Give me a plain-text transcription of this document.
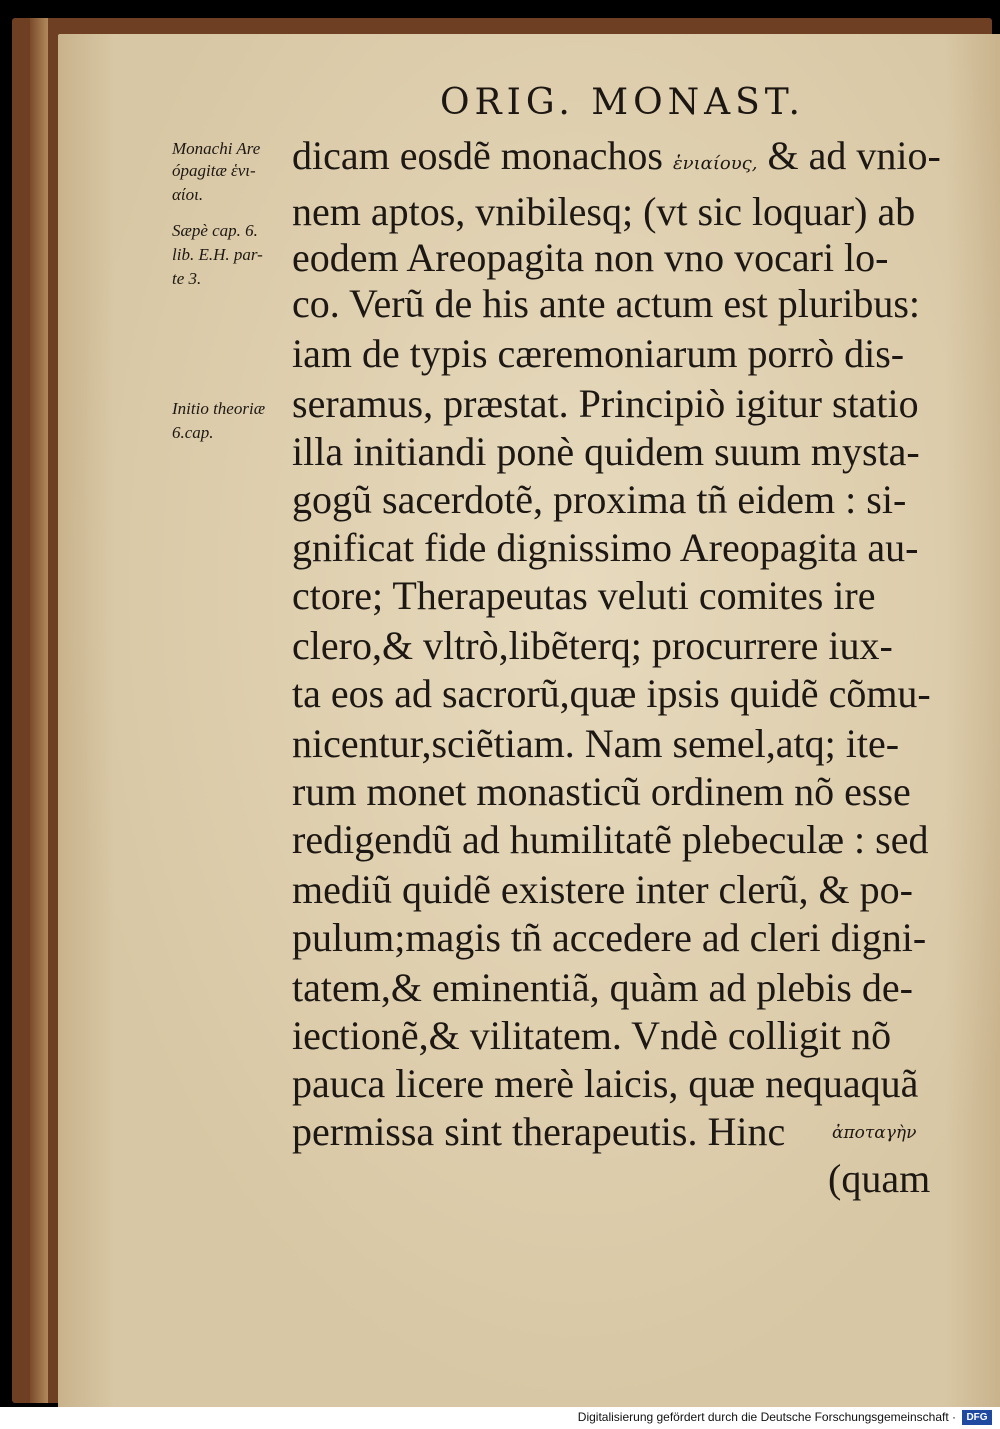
ORIG. MONAST.
Monachi Are
ópagitæ ἑνι-
αίοι.
Sæpè cap. 6.
lib. E.H. par-
te 3.
Initio theoriæ
6.cap.
dicam eosdẽ monachos ἑνιαίους, & ad vnio-
nem aptos, vnibilesq; (vt sic loquar) ab
eodem Areopagita non vno vocari lo-
co. Verũ de his ante actum est pluribus:
iam de typis cæremoniarum porrò dis-
seramus, præstat. Principiò igitur statio
illa initiandi ponè quidem suum mysta-
gogũ sacerdotẽ, proxima tñ eidem : si-
gnificat fide dignissimo Areopagita au-
ctore; Therapeutas veluti comites ire
clero,& vltrò,libẽterq; procurrere iux-
ta eos ad sacrorũ,quæ ipsis quidẽ cõmu-
nicentur,sciẽtiam. Nam semel,atq; ite-
rum monet monasticũ ordinem nõ esse
redigendũ ad humilitatẽ plebeculæ : sed
mediũ quidẽ existere inter clerũ, & po-
pulum;magis tñ accedere ad cleri digni-
tatem,& eminentiã, quàm ad plebis de-
iectionẽ,& vilitatem. Vndè colligit nõ
pauca licere merè laicis, quæ nequaquã
permissa sint therapeutis. Hinc	ἀποταγὴν
(quam
Digitalisierung gefördert durch die Deutsche Forschungsgemeinschaft ·	DFG
